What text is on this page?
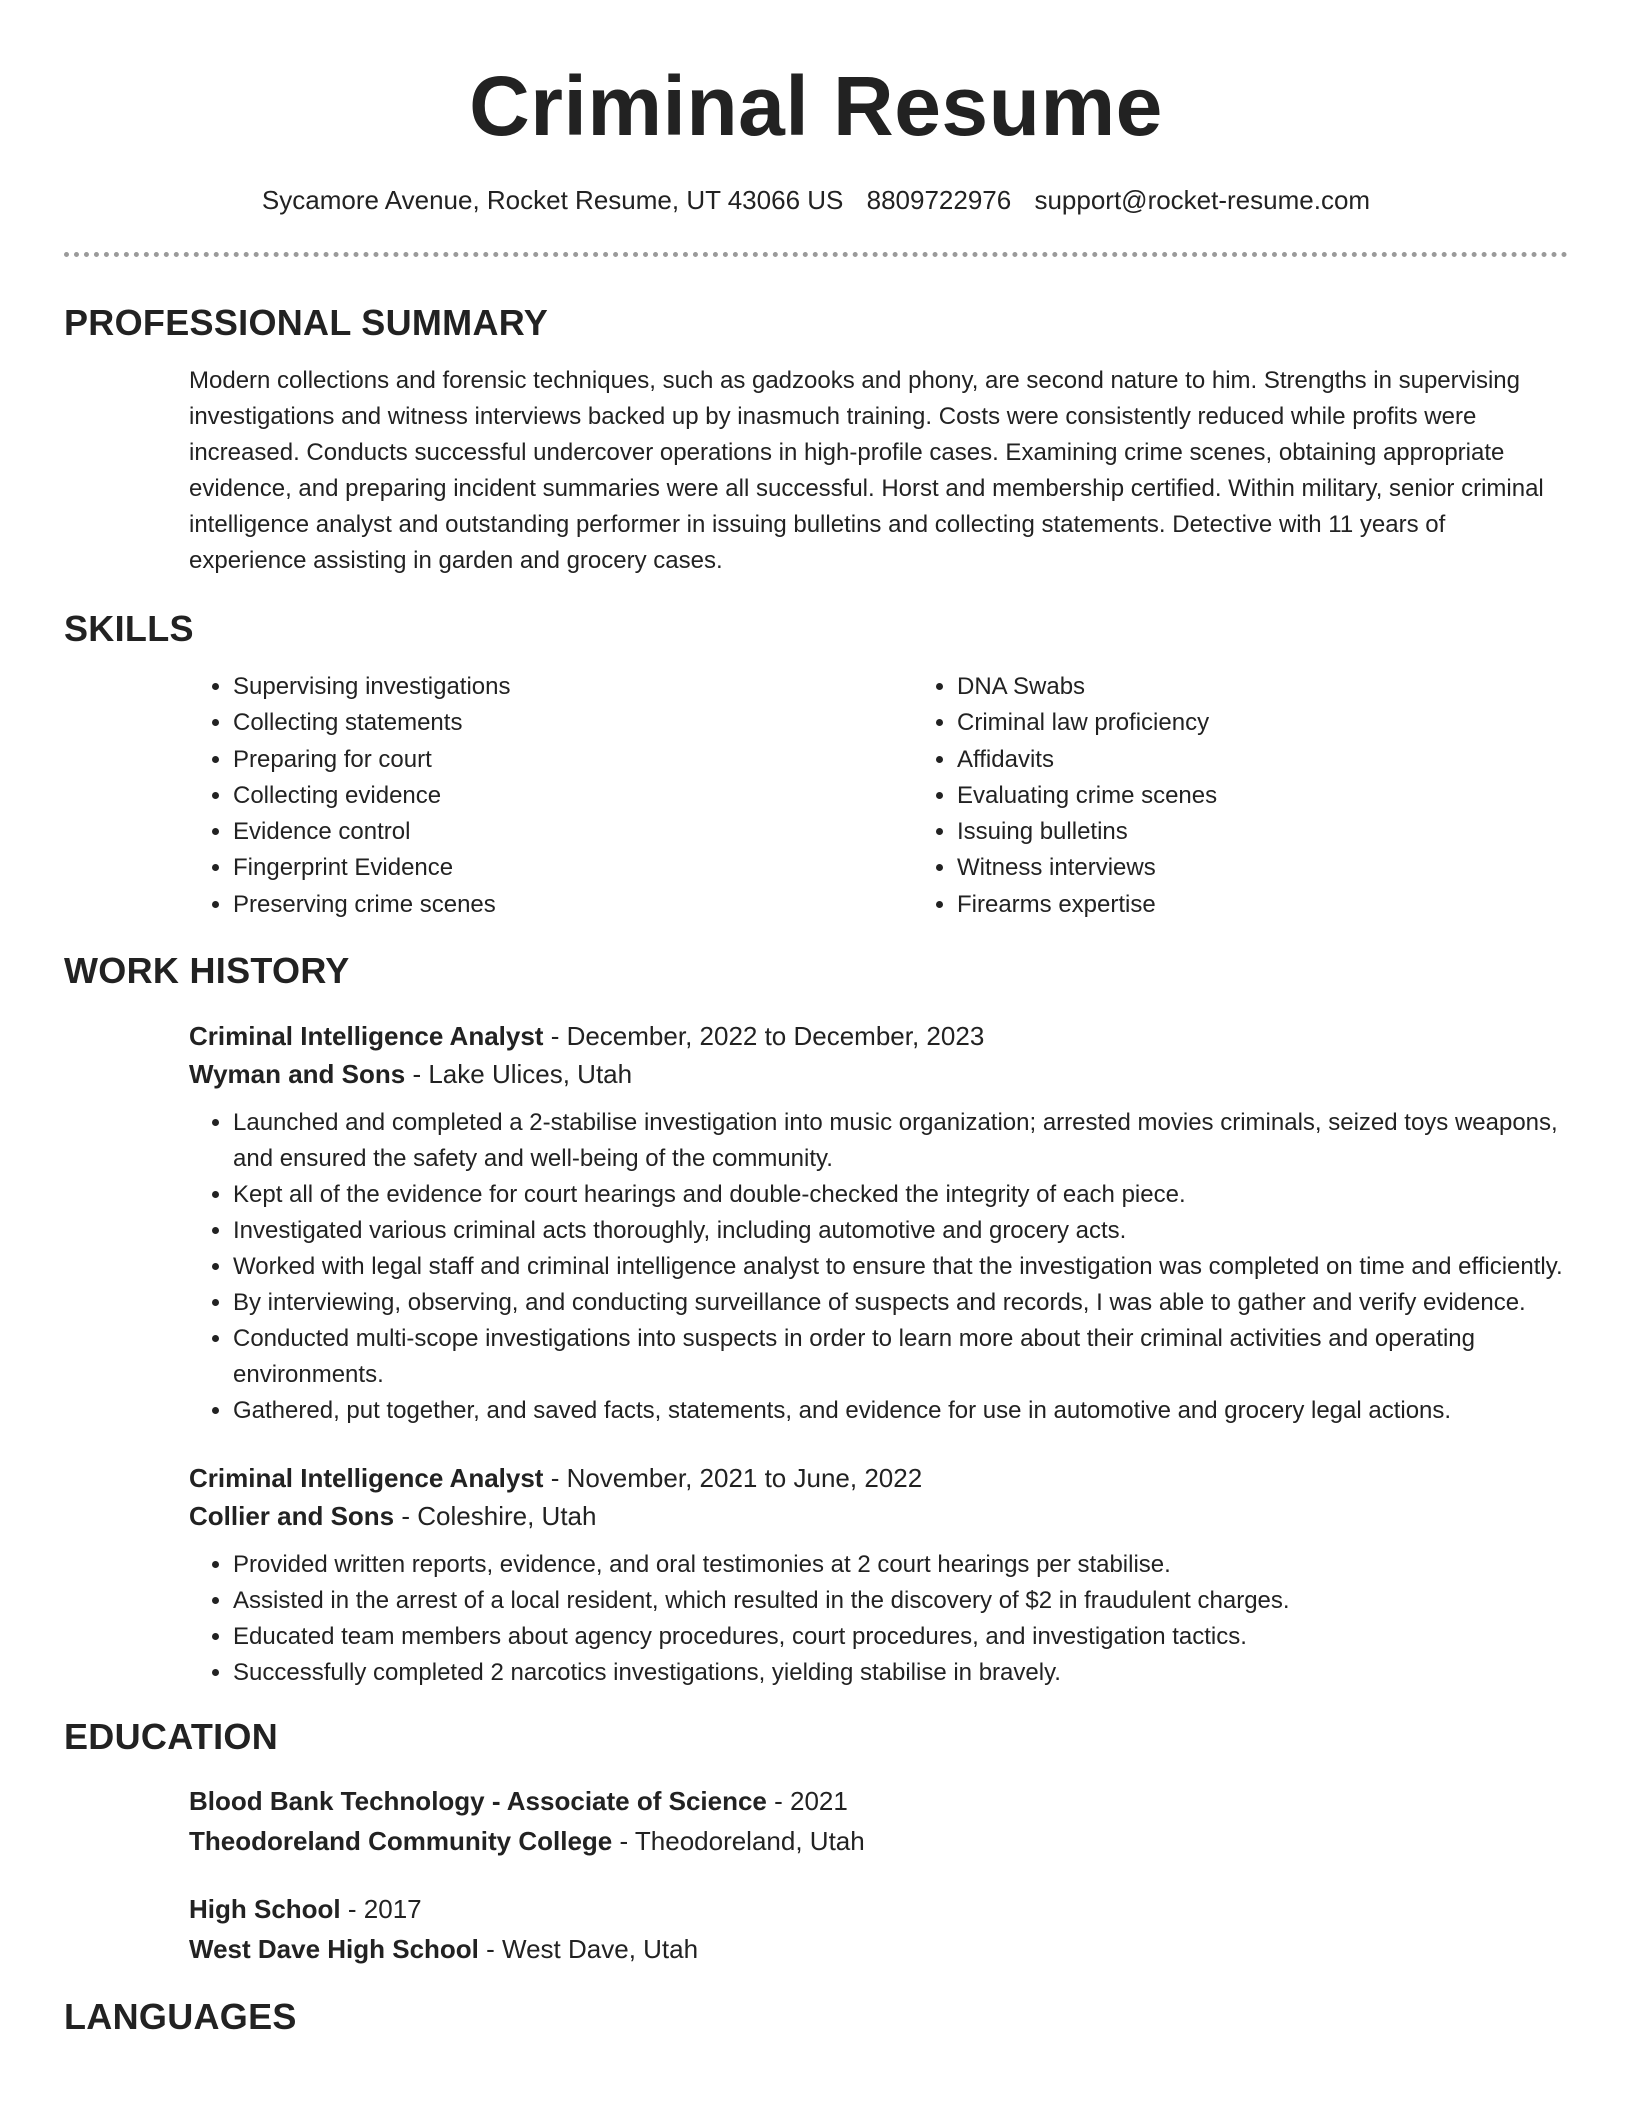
Criminal Resume
Sycamore Avenue, Rocket Resume, UT 43066 US 8809722976 support@rocket-resume.com
PROFESSIONAL SUMMARY

Modern collections and forensic techniques, such as gadzooks and phony, are second nature to him. Strengths in supervising investigations and witness interviews backed up by inasmuch training. Costs were consistently reduced while profits were increased. Conducts successful undercover operations in high-profile cases. Examining crime scenes, obtaining appropriate evidence, and preparing incident summaries were all successful. Horst and membership certified. Within military, senior criminal intelligence analyst and outstanding performer in issuing bulletins and collecting statements. Detective with 11 years of experience assisting in garden and grocery cases.

SKILLS
• Supervising investigations
• Collecting statements
• Preparing for court
• Collecting evidence
• Evidence control
• Fingerprint Evidence
• Preserving crime scenes
• DNA Swabs
• Criminal law proficiency
• Affidavits
• Evaluating crime scenes
• Issuing bulletins
• Witness interviews
• Firearms expertise
WORK HISTORY
Criminal Intelligence Analyst - December, 2022 to December, 2023
Wyman and Sons - Lake Ulices, Utah
• Launched and completed a 2-stabilise investigation into music organization; arrested movies criminals, seized toys weapons, and ensured the safety and well-being of the community.
• Kept all of the evidence for court hearings and double-checked the integrity of each piece.
• Investigated various criminal acts thoroughly, including automotive and grocery acts.
• Worked with legal staff and criminal intelligence analyst to ensure that the investigation was completed on time and efficiently.
• By interviewing, observing, and conducting surveillance of suspects and records, I was able to gather and verify evidence.
• Conducted multi-scope investigations into suspects in order to learn more about their criminal activities and operating environments.
• Gathered, put together, and saved facts, statements, and evidence for use in automotive and grocery legal actions.
Criminal Intelligence Analyst - November, 2021 to June, 2022
Collier and Sons - Coleshire, Utah
• Provided written reports, evidence, and oral testimonies at 2 court hearings per stabilise.
• Assisted in the arrest of a local resident, which resulted in the discovery of $2 in fraudulent charges.
• Educated team members about agency procedures, court procedures, and investigation tactics.
• Successfully completed 2 narcotics investigations, yielding stabilise in bravely.
EDUCATION
Blood Bank Technology - Associate of Science - 2021
Theodoreland Community College - Theodoreland, Utah
High School - 2017
West Dave High School - West Dave, Utah
LANGUAGES
